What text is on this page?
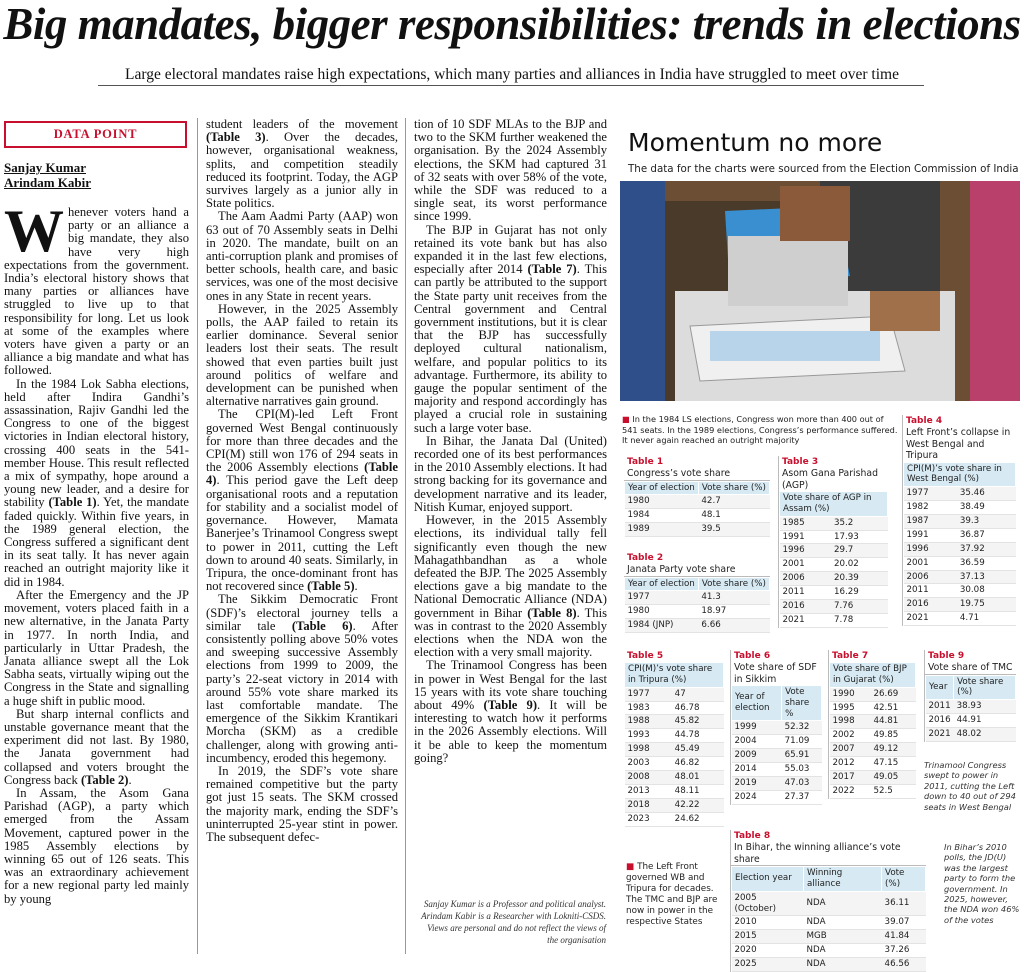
Big mandates, bigger responsibilities: trends in elections
Large electoral mandates raise high expectations, which many parties and alliances in India have struggled to meet over time
DATA POINT
Sanjay Kumar
Arindam Kabir

Whenever voters hand a party or an alliance a big mandate, they also have very high expectations from the government. India’s electoral history shows that many parties or alliances have struggled to live up to that responsibility for long. Let us look at some of the examples where voters have given a party or an alliance a big mandate and what has followed.

In the 1984 Lok Sabha elections, held after Indira Gandhi’s assassination, Rajiv Gandhi led the Congress to one of the biggest victories in Indian electoral history, crossing 400 seats in the 541-member House. This result reflected a mix of sympathy, hope around a young new leader, and a desire for stability (Table 1). Yet, the mandate faded quickly. Within five years, in the 1989 general election, the Congress suffered a significant dent in its seat tally. It has never again reached an outright majority like it did in 1984.

After the Emergency and the JP movement, voters placed faith in a new alternative, in the Janata Party in 1977. In north India, and particularly in Uttar Pradesh, the Janata alliance swept all the Lok Sabha seats, virtually wiping out the Congress in the State and signalling a huge shift in public mood.

But sharp internal conflicts and unstable governance meant that the experiment did not last. By 1980, the Janata government had collapsed and voters brought the Congress back (Table 2).

In Assam, the Asom Gana Parishad (AGP), a party which emerged from the Assam Movement, captured power in the 1985 Assembly elections by winning 65 out of 126 seats. This was an extraordinary achievement for a new regional party led mainly by young

student leaders of the movement (Table 3). Over the decades, however, organisational weakness, splits, and competition steadily reduced its footprint. Today, the AGP survives largely as a junior ally in State politics.

The Aam Aadmi Party (AAP) won 63 out of 70 Assembly seats in Delhi in 2020. The mandate, built on an anti-corruption plank and promises of better schools, health care, and basic services, was one of the most decisive ones in any State in recent years.

However, in the 2025 Assembly polls, the AAP failed to retain its earlier dominance. Several senior leaders lost their seats. The result showed that even parties built just around politics of welfare and development can be punished when alternative narratives gain ground.

The CPI(M)-led Left Front governed West Bengal continuously for more than three decades and the CPI(M) still won 176 of 294 seats in the 2006 Assembly elections (Table 4). This period gave the Left deep organisational roots and a reputation for stability and a socialist model of governance. However, Mamata Banerjee’s Trinamool Congress swept to power in 2011, cutting the Left down to around 40 seats. Similarly, in Tripura, the once-dominant front has not recovered since (Table 5).

The Sikkim Democratic Front (SDF)’s electoral journey tells a similar tale (Table 6). After consistently polling above 50% votes and sweeping successive Assembly elections from 1999 to 2009, the party’s 22-seat victory in 2014 with around 55% vote share marked its last comfortable mandate. The emergence of the Sikkim Krantikari Morcha (SKM) as a credible challenger, along with growing anti-incumbency, eroded this hegemony.

In 2019, the SDF’s vote share remained competitive but the party got just 15 seats. The SKM crossed the majority mark, ending the SDF’s uninterrupted 25-year stint in power. The subsequent defec-

tion of 10 SDF MLAs to the BJP and two to the SKM further weakened the organisation. By the 2024 Assembly elections, the SKM had captured 31 of 32 seats with over 58% of the vote, while the SDF was reduced to a single seat, its worst performance since 1999.

The BJP in Gujarat has not only retained its vote bank but has also expanded it in the last few elections, especially after 2014 (Table 7). This can partly be attributed to the support the State party unit receives from the Central government and Central government institutions, but it is clear that the BJP has successfully deployed cultural nationalism, welfare, and popular politics to its advantage. Furthermore, its ability to gauge the popular sentiment of the majority and respond accordingly has played a crucial role in sustaining such a large voter base.

In Bihar, the Janata Dal (United) recorded one of its best performances in the 2010 Assembly elections. It had strong backing for its governance and development narrative and its leader, Nitish Kumar, enjoyed support.

However, in the 2015 Assembly elections, its individual tally fell significantly even though the new Mahagathbandhan as a whole defeated the BJP. The 2025 Assembly elections gave a big mandate to the National Democratic Alliance (NDA) government in Bihar (Table 8). This was in contrast to the 2020 Assembly elections when the NDA won the election with a very small majority.

The Trinamool Congress has been in power in West Bengal for the last 15 years with its vote share touching about 49% (Table 9). It will be interesting to watch how it performs in the 2026 Assembly elections. Will it be able to keep the momentum going?

Sanjay Kumar is a Professor and political analyst. Arindam Kabir is a Researcher with Lokniti-CSDS. Views are personal and do not reflect the views of the organisation
Momentum no more
The data for the charts were sourced from the Election Commission of India
■ In the 1984 LS elections, Congress won more than 400 out of 541 seats. In the 1989 elections, Congress’s performance suffered. It never again reached an outright majority
Table 1
Congress’s vote share
Year of election	Vote share (%)
1980	42.7
1984	48.1
1989	39.5
Table 2
Janata Party vote share
Year of election	Vote share (%)
1977	41.3
1980	18.97
1984 (JNP)	6.66
Table 3
Asom Gana Parishad (AGP)
Vote share of AGP in Assam (%)	
1985	35.2
1991	17.93
1996	29.7
2001	20.02
2006	20.39
2011	16.29
2016	7.76
2021	7.78
Table 4
Left Front’s collapse in West Bengal and Tripura
CPI(M)’s vote share in West Bengal (%)	
1977	35.46
1982	38.49
1987	39.3
1991	36.87
1996	37.92
2001	36.59
2006	37.13
2011	30.08
2016	19.75
2021	4.71
Table 5
CPI(M)’s vote share in Tripura (%)	
1977	47
1983	46.78
1988	45.82
1993	44.78
1998	45.49
2003	46.82
2008	48.01
2013	48.11
2018	42.22
2023	24.62
Table 6
Vote share of SDF in Sikkim
Year of election	Vote share %
1999	52.32
2004	71.09
2009	65.91
2014	55.03
2019	47.03
2024	27.37
Table 7
Vote share of BJP in Gujarat (%)	
1990	26.69
1995	42.51
1998	44.81
2002	49.85
2007	49.12
2012	47.15
2017	49.05
2022	52.5
Table 9
Vote share of TMC
Year	Vote share (%)
2011	38.93
2016	44.91
2021	48.02
Trinamool Congress swept to power in 2011, cutting the Left down to 40 out of 294 seats in West Bengal
Table 8
In Bihar, the winning alliance’s vote share
Election year	Winning alliance	Vote (%)
2005 (October)	NDA	36.11
2010	NDA	39.07
2015	MGB	41.84
2020	NDA	37.26
2025	NDA	46.56
In Bihar’s 2010 polls, the JD(U) was the largest party to form the government. In 2025, however, the NDA won 46% of the votes
■ The Left Front governed WB and Tripura for decades. The TMC and BJP are now in power in the respective States
